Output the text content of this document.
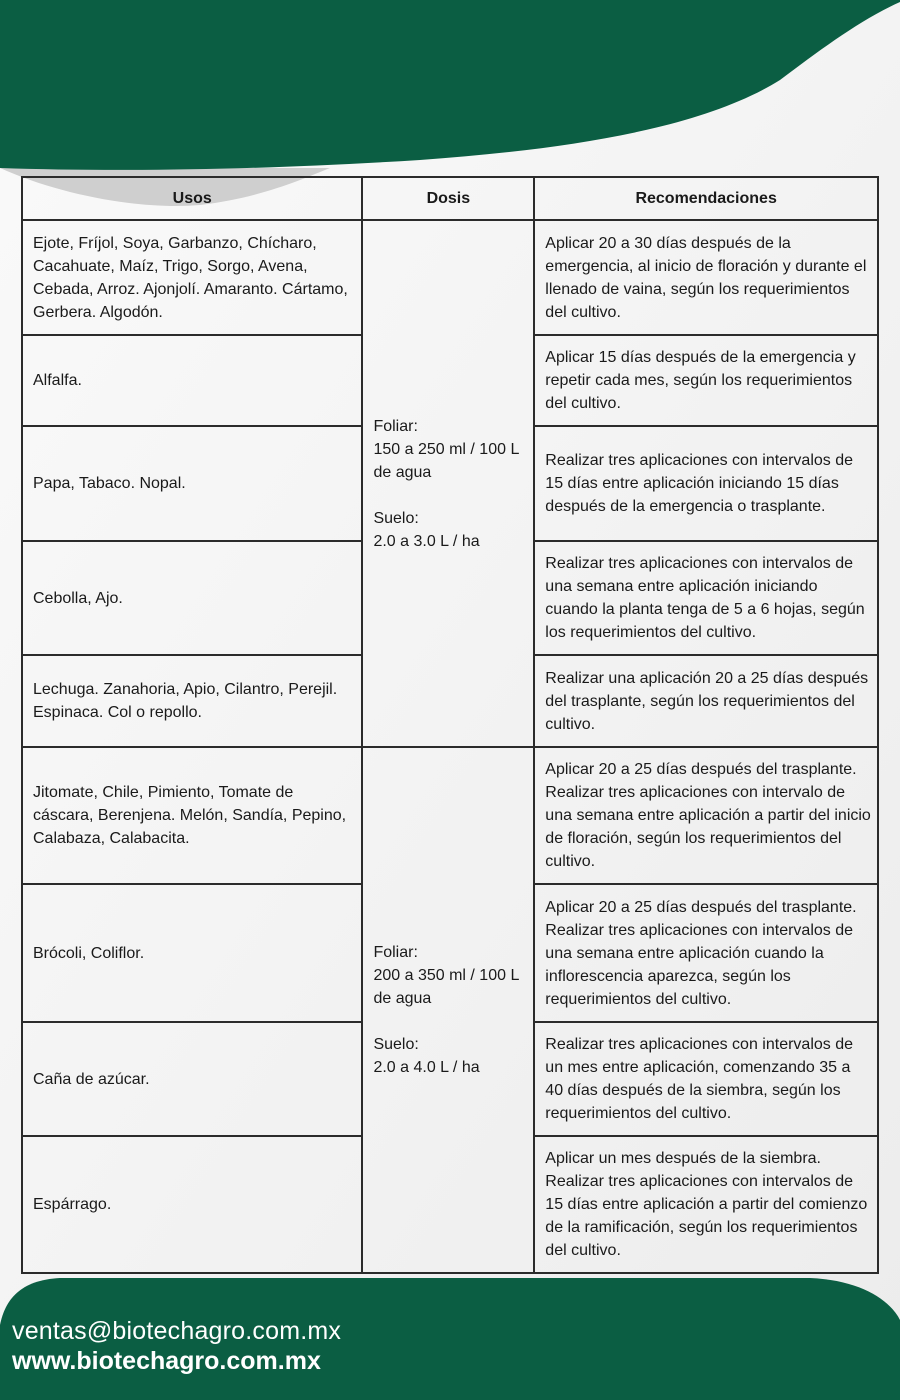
Usos	Dosis	Recomendaciones
Ejote, Fríjol, Soya, Garbanzo, Chícharo, Cacahuate, Maíz, Trigo, Sorgo, Avena, Cebada, Arroz. Ajonjolí. Amaranto. Cártamo, Gerbera. Algodón.	Foliar:
150 a 250 ml / 100 L
de agua
Suelo:
2.0 a 3.0 L / ha	Aplicar 20 a 30 días después de la emergencia, al inicio de floración y durante el llenado de vaina, según los requerimientos del cultivo.
Alfalfa.		Aplicar 15 días después de la emergencia y repetir cada mes, según los requerimientos del cultivo.
Papa, Tabaco. Nopal.		Realizar tres aplicaciones con intervalos de 15 días entre aplicación iniciando 15 días después de la emergencia o trasplante.
Cebolla, Ajo.		Realizar tres aplicaciones con intervalos de una semana entre aplicación iniciando cuando la planta tenga de 5 a 6 hojas, según los requerimientos del cultivo.
Lechuga. Zanahoria, Apio, Cilantro, Perejil. Espinaca. Col o repollo.		Realizar una aplicación 20 a 25 días después del trasplante, según los requerimientos del cultivo.
Jitomate, Chile, Pimiento, Tomate de cáscara, Berenjena. Melón, Sandía, Pepino, Calabaza, Calabacita.	Foliar:
200 a 350 ml / 100 L
de agua
Suelo:
2.0 a 4.0 L / ha	Aplicar 20 a 25 días después del trasplante. Realizar tres aplicaciones con intervalo de una semana entre aplicación a partir del inicio de floración, según los requerimientos del cultivo.
Brócoli, Coliflor.		Aplicar 20 a 25 días después del trasplante. Realizar tres aplicaciones con intervalos de una semana entre aplicación cuando la inflorescencia aparezca, según los requerimientos del cultivo.
Caña de azúcar.		Realizar tres aplicaciones con intervalos de un mes entre aplicación, comenzando 35 a 40 días después de la siembra, según los requerimientos del cultivo.
Espárrago.		Aplicar un mes después de la siembra. Realizar tres aplicaciones con intervalos de 15 días entre aplicación a partir del comienzo de la ramificación, según los requerimientos del cultivo.
ventas@biotechagro.com.mx
www.biotechagro.com.mx
